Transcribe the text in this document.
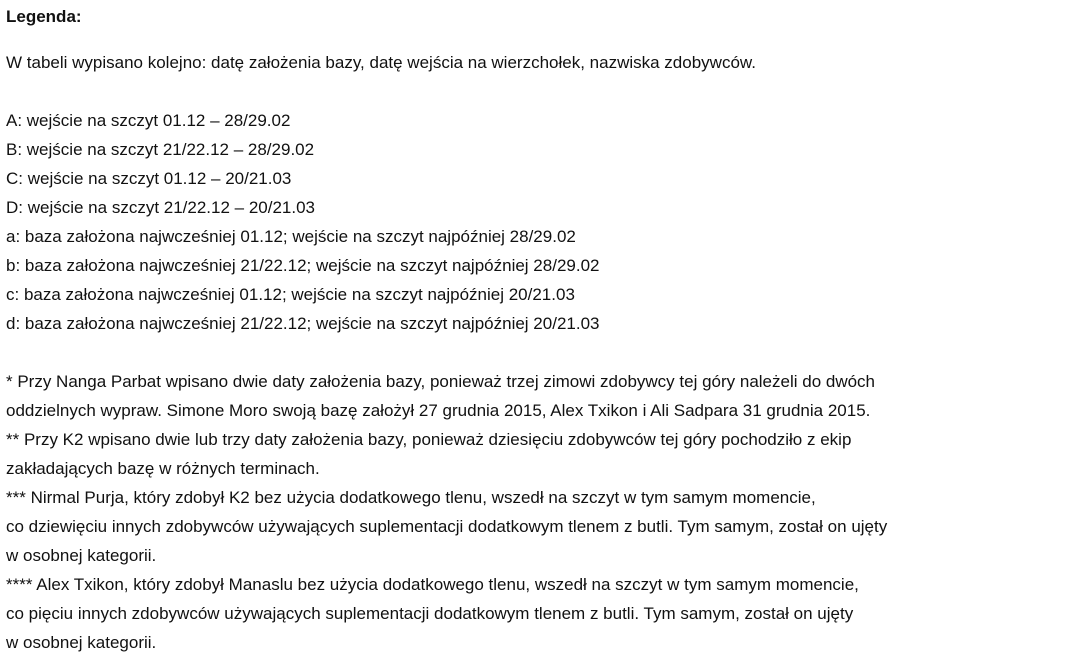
Legenda:
W tabeli wypisano kolejno: datę założenia bazy, datę wejścia na wierzchołek, nazwiska zdobywców.
A: wejście na szczyt 01.12 – 28/29.02
B: wejście na szczyt 21/22.12 – 28/29.02
C: wejście na szczyt 01.12 – 20/21.03
D: wejście na szczyt 21/22.12 – 20/21.03
a: baza założona najwcześniej 01.12; wejście na szczyt najpóźniej 28/29.02
b: baza założona najwcześniej 21/22.12; wejście na szczyt najpóźniej 28/29.02
c: baza założona najwcześniej 01.12; wejście na szczyt najpóźniej 20/21.03
d: baza założona najwcześniej 21/22.12; wejście na szczyt najpóźniej 20/21.03
* Przy Nanga Parbat wpisano dwie daty założenia bazy, ponieważ trzej zimowi zdobywcy tej góry należeli do dwóch
oddzielnych wypraw. Simone Moro swoją bazę założył 27 grudnia 2015, Alex Txikon i Ali Sadpara 31 grudnia 2015.
** Przy K2 wpisano dwie lub trzy daty założenia bazy, ponieważ dziesięciu zdobywców tej góry pochodziło z ekip
zakładających bazę w różnych terminach.
*** Nirmal Purja, który zdobył K2 bez użycia dodatkowego tlenu, wszedł na szczyt w tym samym momencie,
co dziewięciu innych zdobywców używających suplementacji dodatkowym tlenem z butli. Tym samym, został on ujęty
w osobnej kategorii.
**** Alex Txikon, który zdobył Manaslu bez użycia dodatkowego tlenu, wszedł na szczyt w tym samym momencie,
co pięciu innych zdobywców używających suplementacji dodatkowym tlenem z butli. Tym samym, został on ujęty
w osobnej kategorii.
